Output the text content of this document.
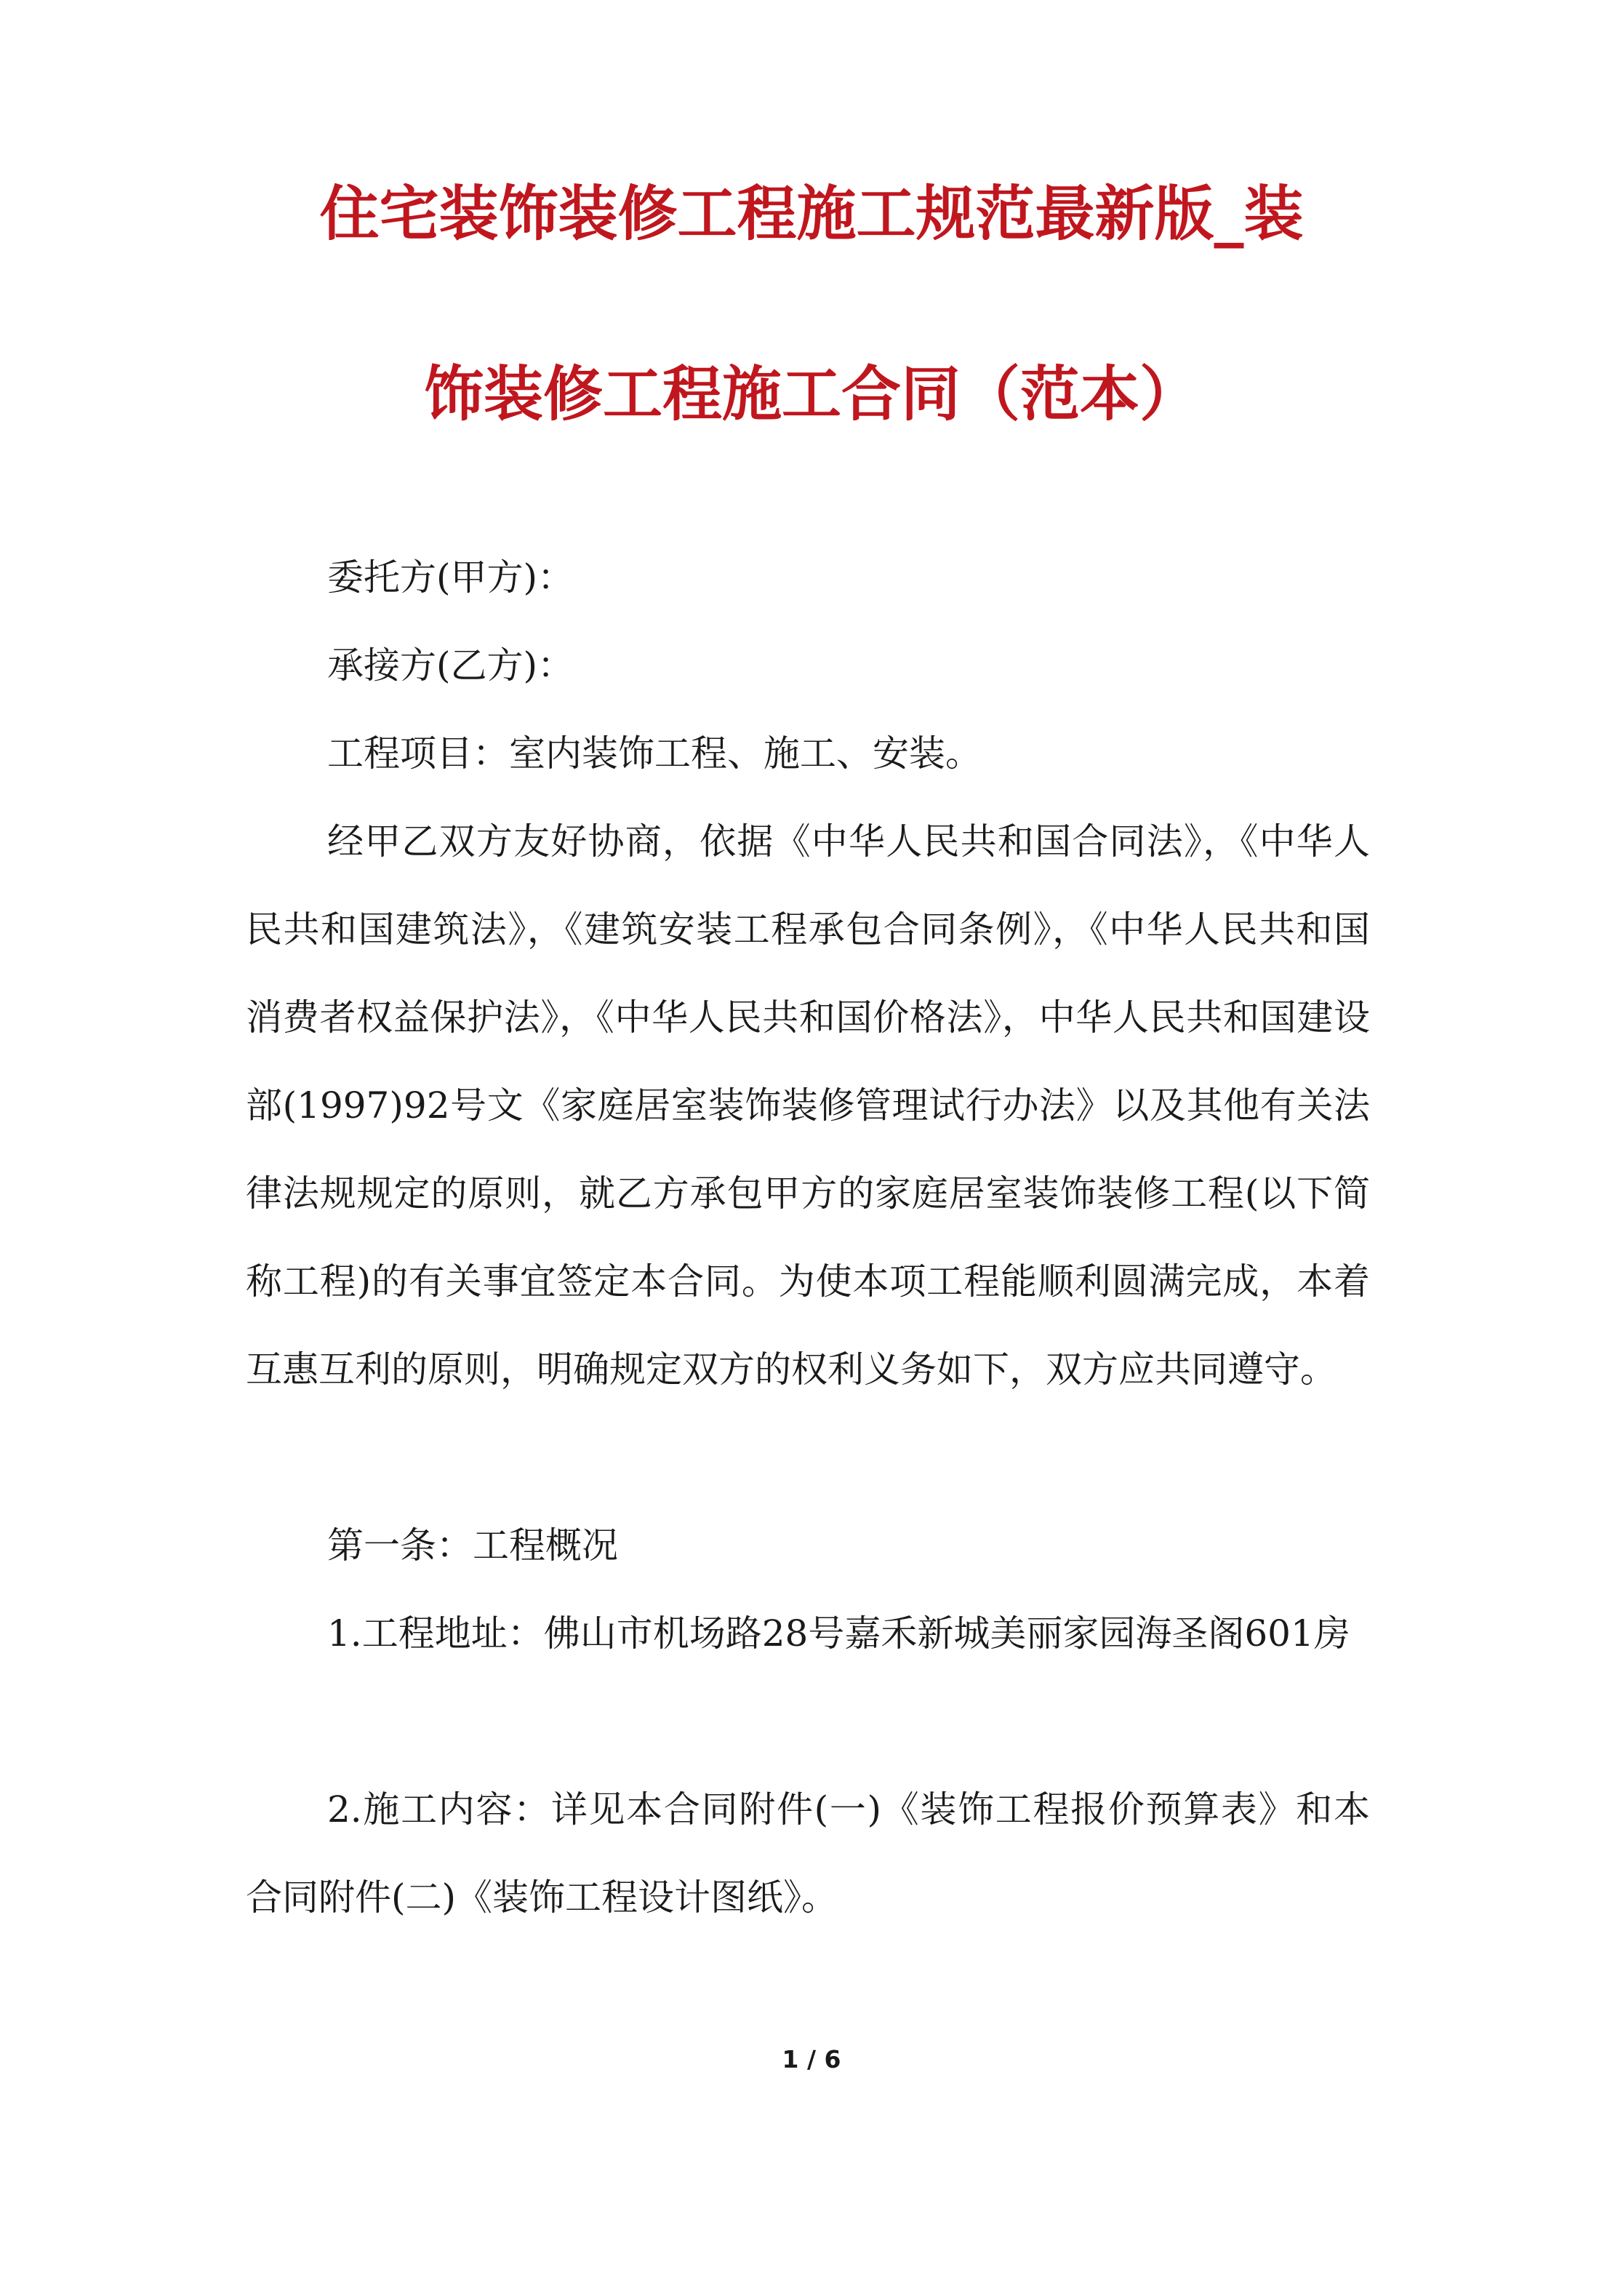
住宅装饰装修工程施工规范最新版_装
饰装修工程施工合同（范本）

委托方(甲方)：

承接方(乙方)：

工程项目：室内装饰工程、施工、安装。

经甲乙双方友好协商，依据《中华人民共和国合同法》，《中华人民共和国建筑法》，《建筑安装工程承包合同条例》，《中华人民共和国消费者权益保护法》，《中华人民共和国价格法》，中华人民共和国建设部(1997)92号文《家庭居室装饰装修管理试行办法》以及其他有关法律法规规定的原则，就乙方承包甲方的家庭居室装饰装修工程(以下简称工程)的有关事宜签定本合同。为使本项工程能顺利圆满完成，本着互惠互利的原则，明确规定双方的权利义务如下，双方应共同遵守。

第一条：工程概况

1.工程地址：佛山市机场路28号嘉禾新城美丽家园海圣阁601房

2.施工内容：详见本合同附件(一)《装饰工程报价预算表》和本合同附件(二)《装饰工程设计图纸》。

1 / 6
